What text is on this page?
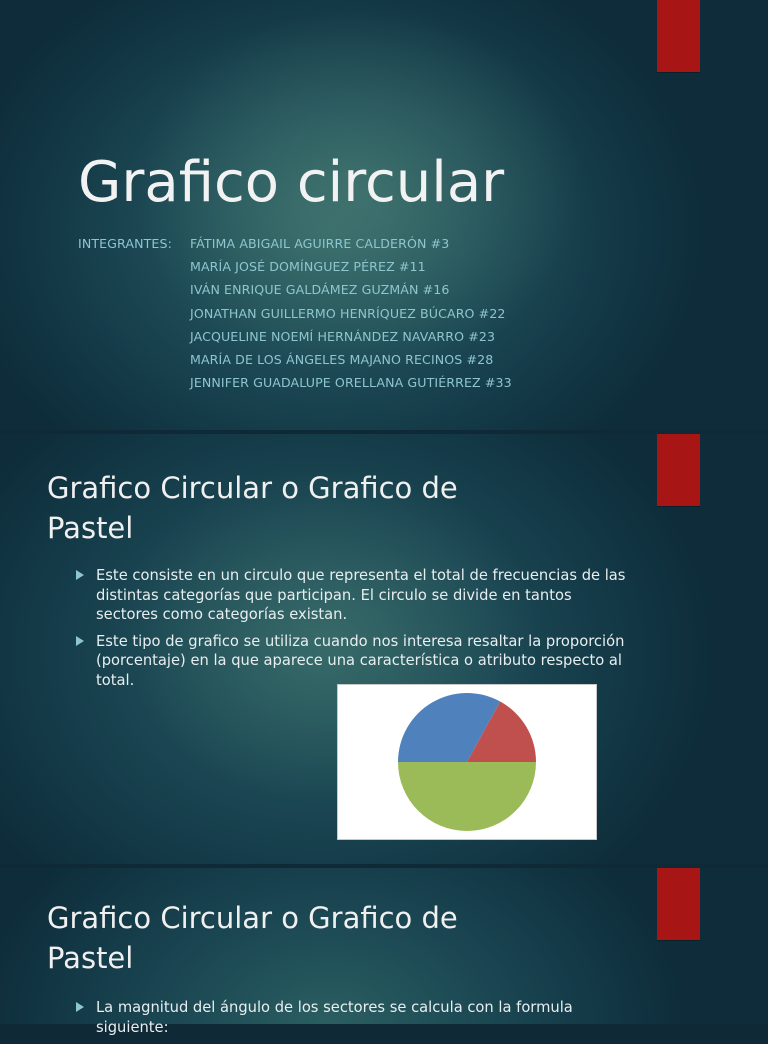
Grafico circular
INTEGRANTES: FÁTIMA ABIGAIL AGUIRRE CALDERÓN #3
MARÍA JOSÉ DOMÍNGUEZ PÉREZ #11
IVÁN ENRIQUE GALDÁMEZ GUZMÁN #16
JONATHAN GUILLERMO HENRÍQUEZ BÚCARO #22
JACQUELINE NOEMÍ HERNÁNDEZ NAVARRO #23
MARÍA DE LOS ÁNGELES MAJANO RECINOS #28
JENNIFER GUADALUPE ORELLANA GUTIÉRREZ #33
Grafico Circular o Grafico de
Pastel
Este consiste en un circulo que representa el total de frecuencias de las distintas categorías que participan. El circulo se divide en tantos sectores como categorías existan.
Este tipo de grafico se utiliza cuando nos interesa resaltar la proporción (porcentaje) en la que aparece una característica o atributo respecto al total.
Grafico Circular o Grafico de
Pastel
La magnitud del ángulo de los sectores se calcula con la formula siguiente:
